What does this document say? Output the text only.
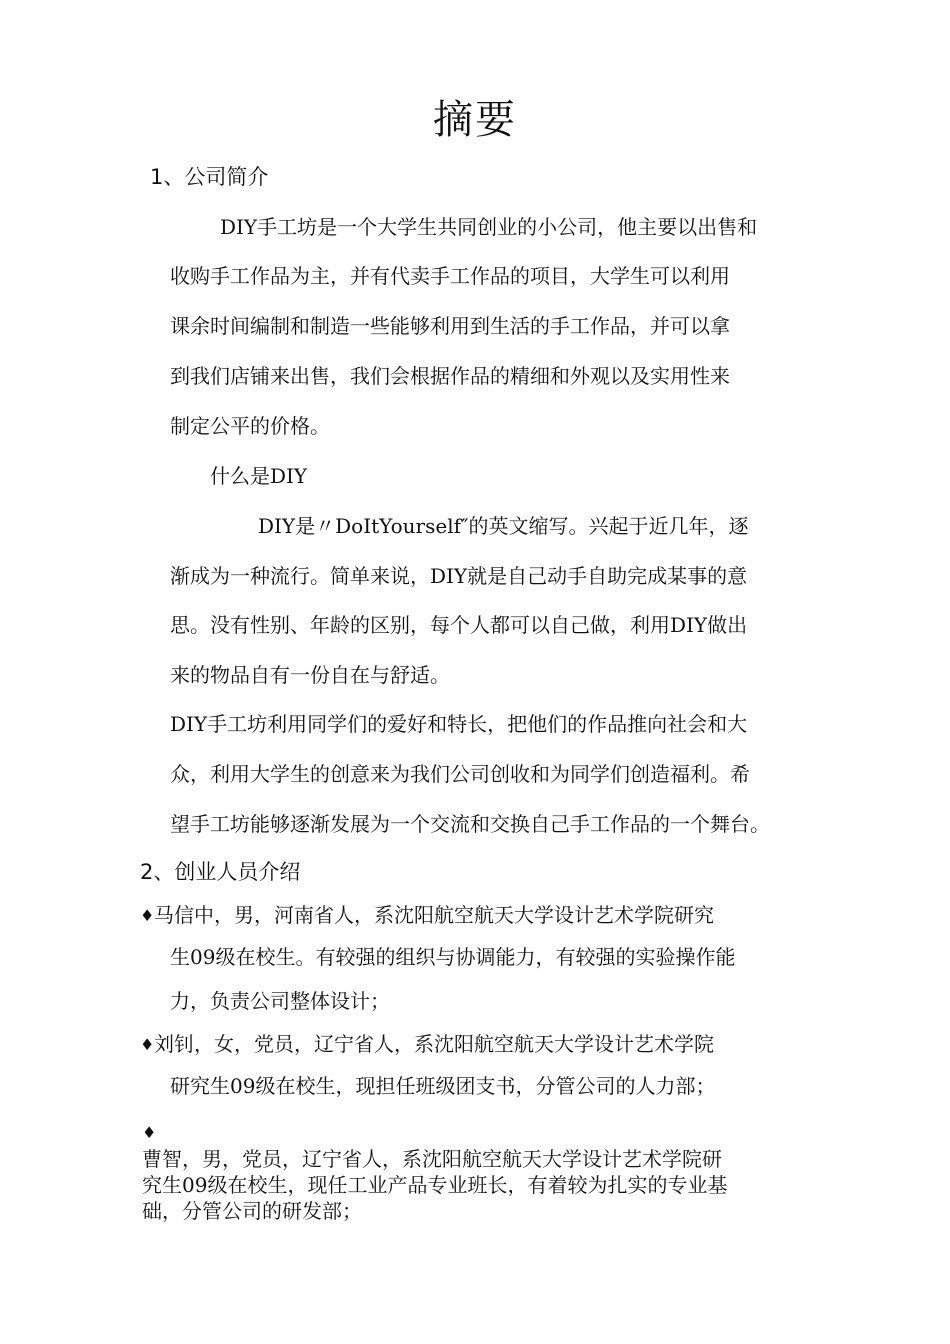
摘要
1、公司简介
DIY手工坊是一个大学生共同创业的小公司，他主要以出售和
收购手工作品为主，并有代卖手工作品的项目，大学生可以利用
课余时间编制和制造一些能够利用到生活的手工作品，并可以拿
到我们店铺来出售，我们会根据作品的精细和外观以及实用性来
制定公平的价格。
什么是DIY
DIY是〃DoItYourself″的英文缩写。兴起于近几年，逐
渐成为一种流行。简单来说，DIY就是自己动手自助完成某事的意
思。没有性别、年龄的区别，每个人都可以自己做，利用DIY做出
来的物品自有一份自在与舒适。
DIY手工坊利用同学们的爱好和特长，把他们的作品推向社会和大
众，利用大学生的创意来为我们公司创收和为同学们创造福利。希
望手工坊能够逐渐发展为一个交流和交换自己手工作品的一个舞台。
2、创业人员介绍
♦马信中，男，河南省人，系沈阳航空航天大学设计艺术学院研究
生09级在校生。有较强的组织与协调能力，有较强的实验操作能
力，负责公司整体设计；
♦刘钊，女，党员，辽宁省人，系沈阳航空航天大学设计艺术学院
研究生09级在校生，现担任班级团支书，分管公司的人力部；
♦
曹智，男，党员，辽宁省人，系沈阳航空航天大学设计艺术学院研
究生09级在校生，现任工业产品专业班长，有着较为扎实的专业基
础，分管公司的研发部；
